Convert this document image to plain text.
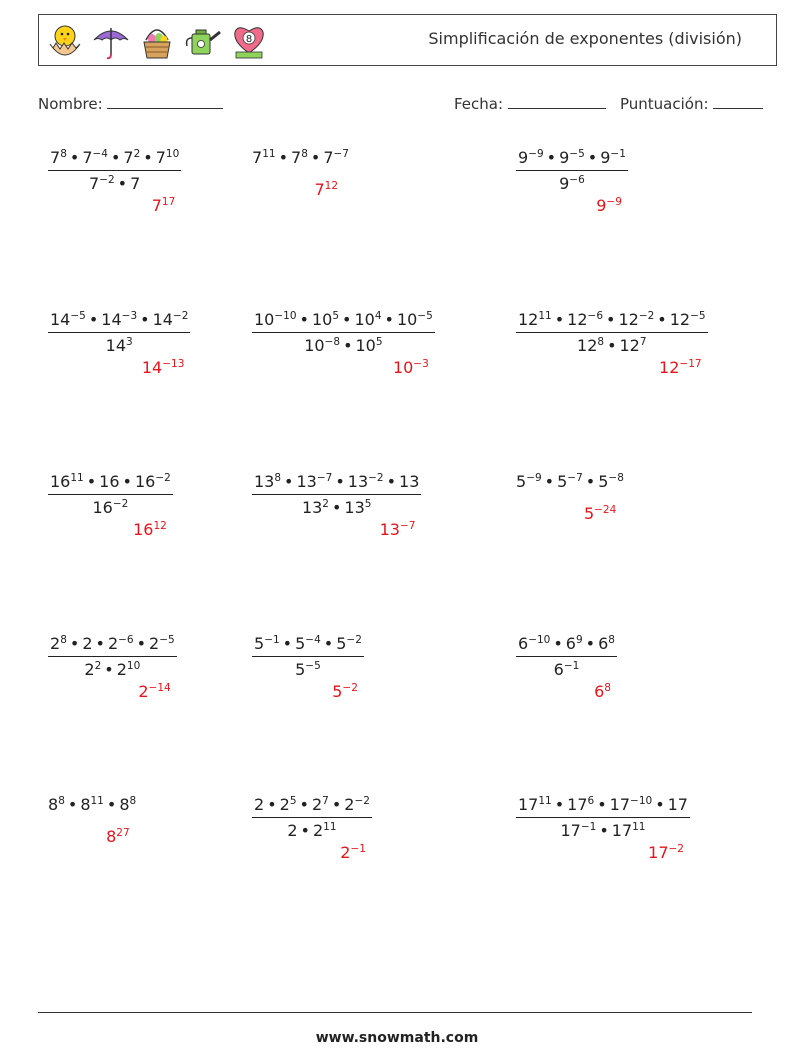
8	Simplificación de exponentes (división)
Nombre:	Fecha:	Puntuación:
$\frac{7^8 • 7^{-4} • 7^2 • 7^{10}}{7^{-2} • 7}$
$7^{17}$
$7^{11}$ • $7^8$ • $7^{-7}$
$7^{12}$	$\frac{9^{-9} • 9^{-5} • 9^{-1}}{9^{-6}}$
$9^{-9}$
$\frac{14^{-5} • 14^{-3} • 14^{-2}}{14^3}$
$14^{-13}$
$\frac{10^{-10} • 10^5 • 10^4 • 10^{-5}}{10^{-8} • 10^5}$
$10^{-3}$
$\frac{12^{11} • 12^{-6} • 12^{-2} • 12^{-5}}{12^8 • 12^7}$
$12^{-17}$
$\frac{16^{11} • 16 • 16^{-2}}{16^{-2}}$
$16^{12}$
$\frac{13^8 • 13^{-7} • 13^{-2} • 13}{13^2 • 13^5}$
$13^{-7}$
$5^{-9}$ • $5^{-7}$ • $5^{-8}$
$5^{-24}$
$\frac{2^8 • 2 • 2^{-6} • 2^{-5}}{2^2 • 2^{10}}$
$2^{-14}$
$\frac{5^{-1} • 5^{-4} • 5^{-2}}{5^{-5}}$
$5^{-2}$
$\frac{6^{-10} • 6^9 • 6^8}{6^{-1}}$
$6^8$
$8^8$ • $8^{11}$ • $8^8$
$8^{27}$	$\frac{2 • 2^5 • 2^7 • 2^{-2}}{2 • 2^{11}}$
$2^{-1}$
$\frac{17^{11} • 17^6 • 17^{-10} • 17}{17^{-1} • 17^{11}}$
$17^{-2}$
www.snowmath.com
